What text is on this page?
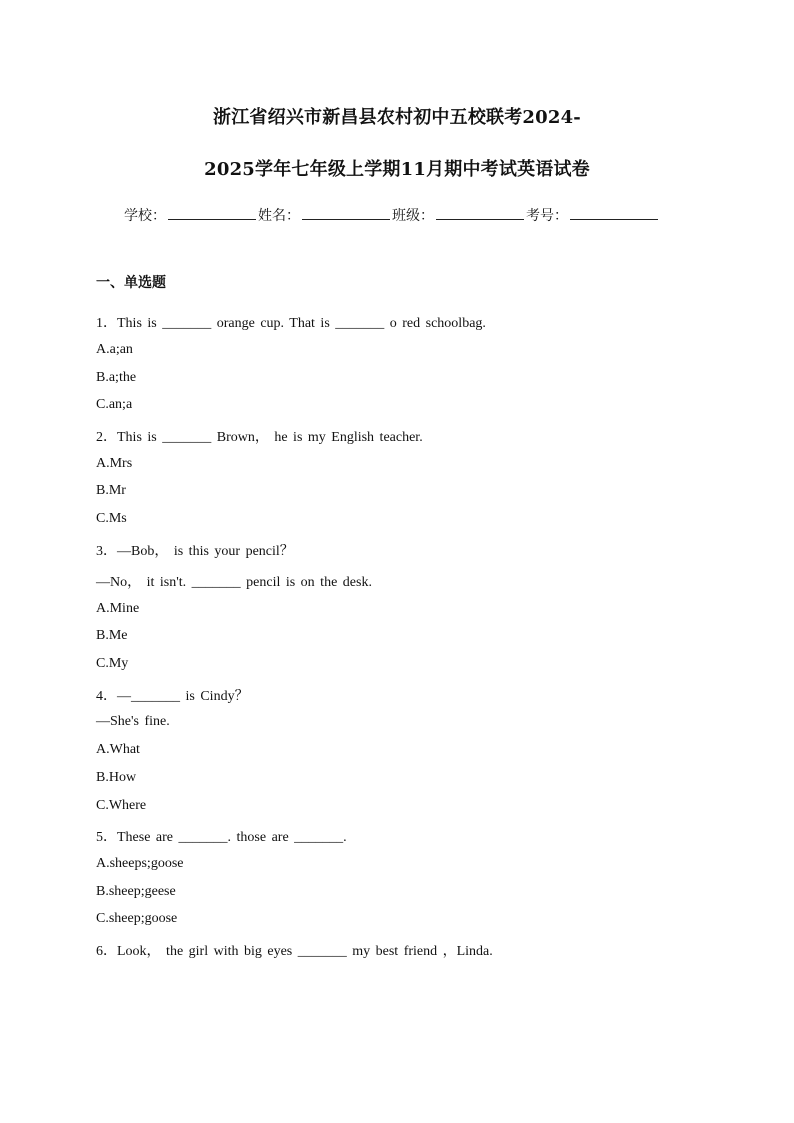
浙江省绍兴市新昌县农村初中五校联考2024-
2025学年七年级上学期11月期中考试英语试卷
学校：	姓名：	班级：	考号：
一、单选题
1．This is _______ orange cup. That is _______ o red schoolbag.
A.a;an
B.a;the
C.an;a
2．This is _______ Brown， he is my English teacher.
A.Mrs
B.Mr
C.Ms
3．—Bob， is this your pencil？
—No， it isn't. _______ pencil is on the desk.
A.Mine
B.Me
C.My
4．—_______ is Cindy？
—She's fine.
A.What
B.How
C.Where
5．These are _______. those are _______.
A.sheeps;goose
B.sheep;geese
C.sheep;goose
6．Look， the girl with big eyes _______ my best friend ，Linda.
